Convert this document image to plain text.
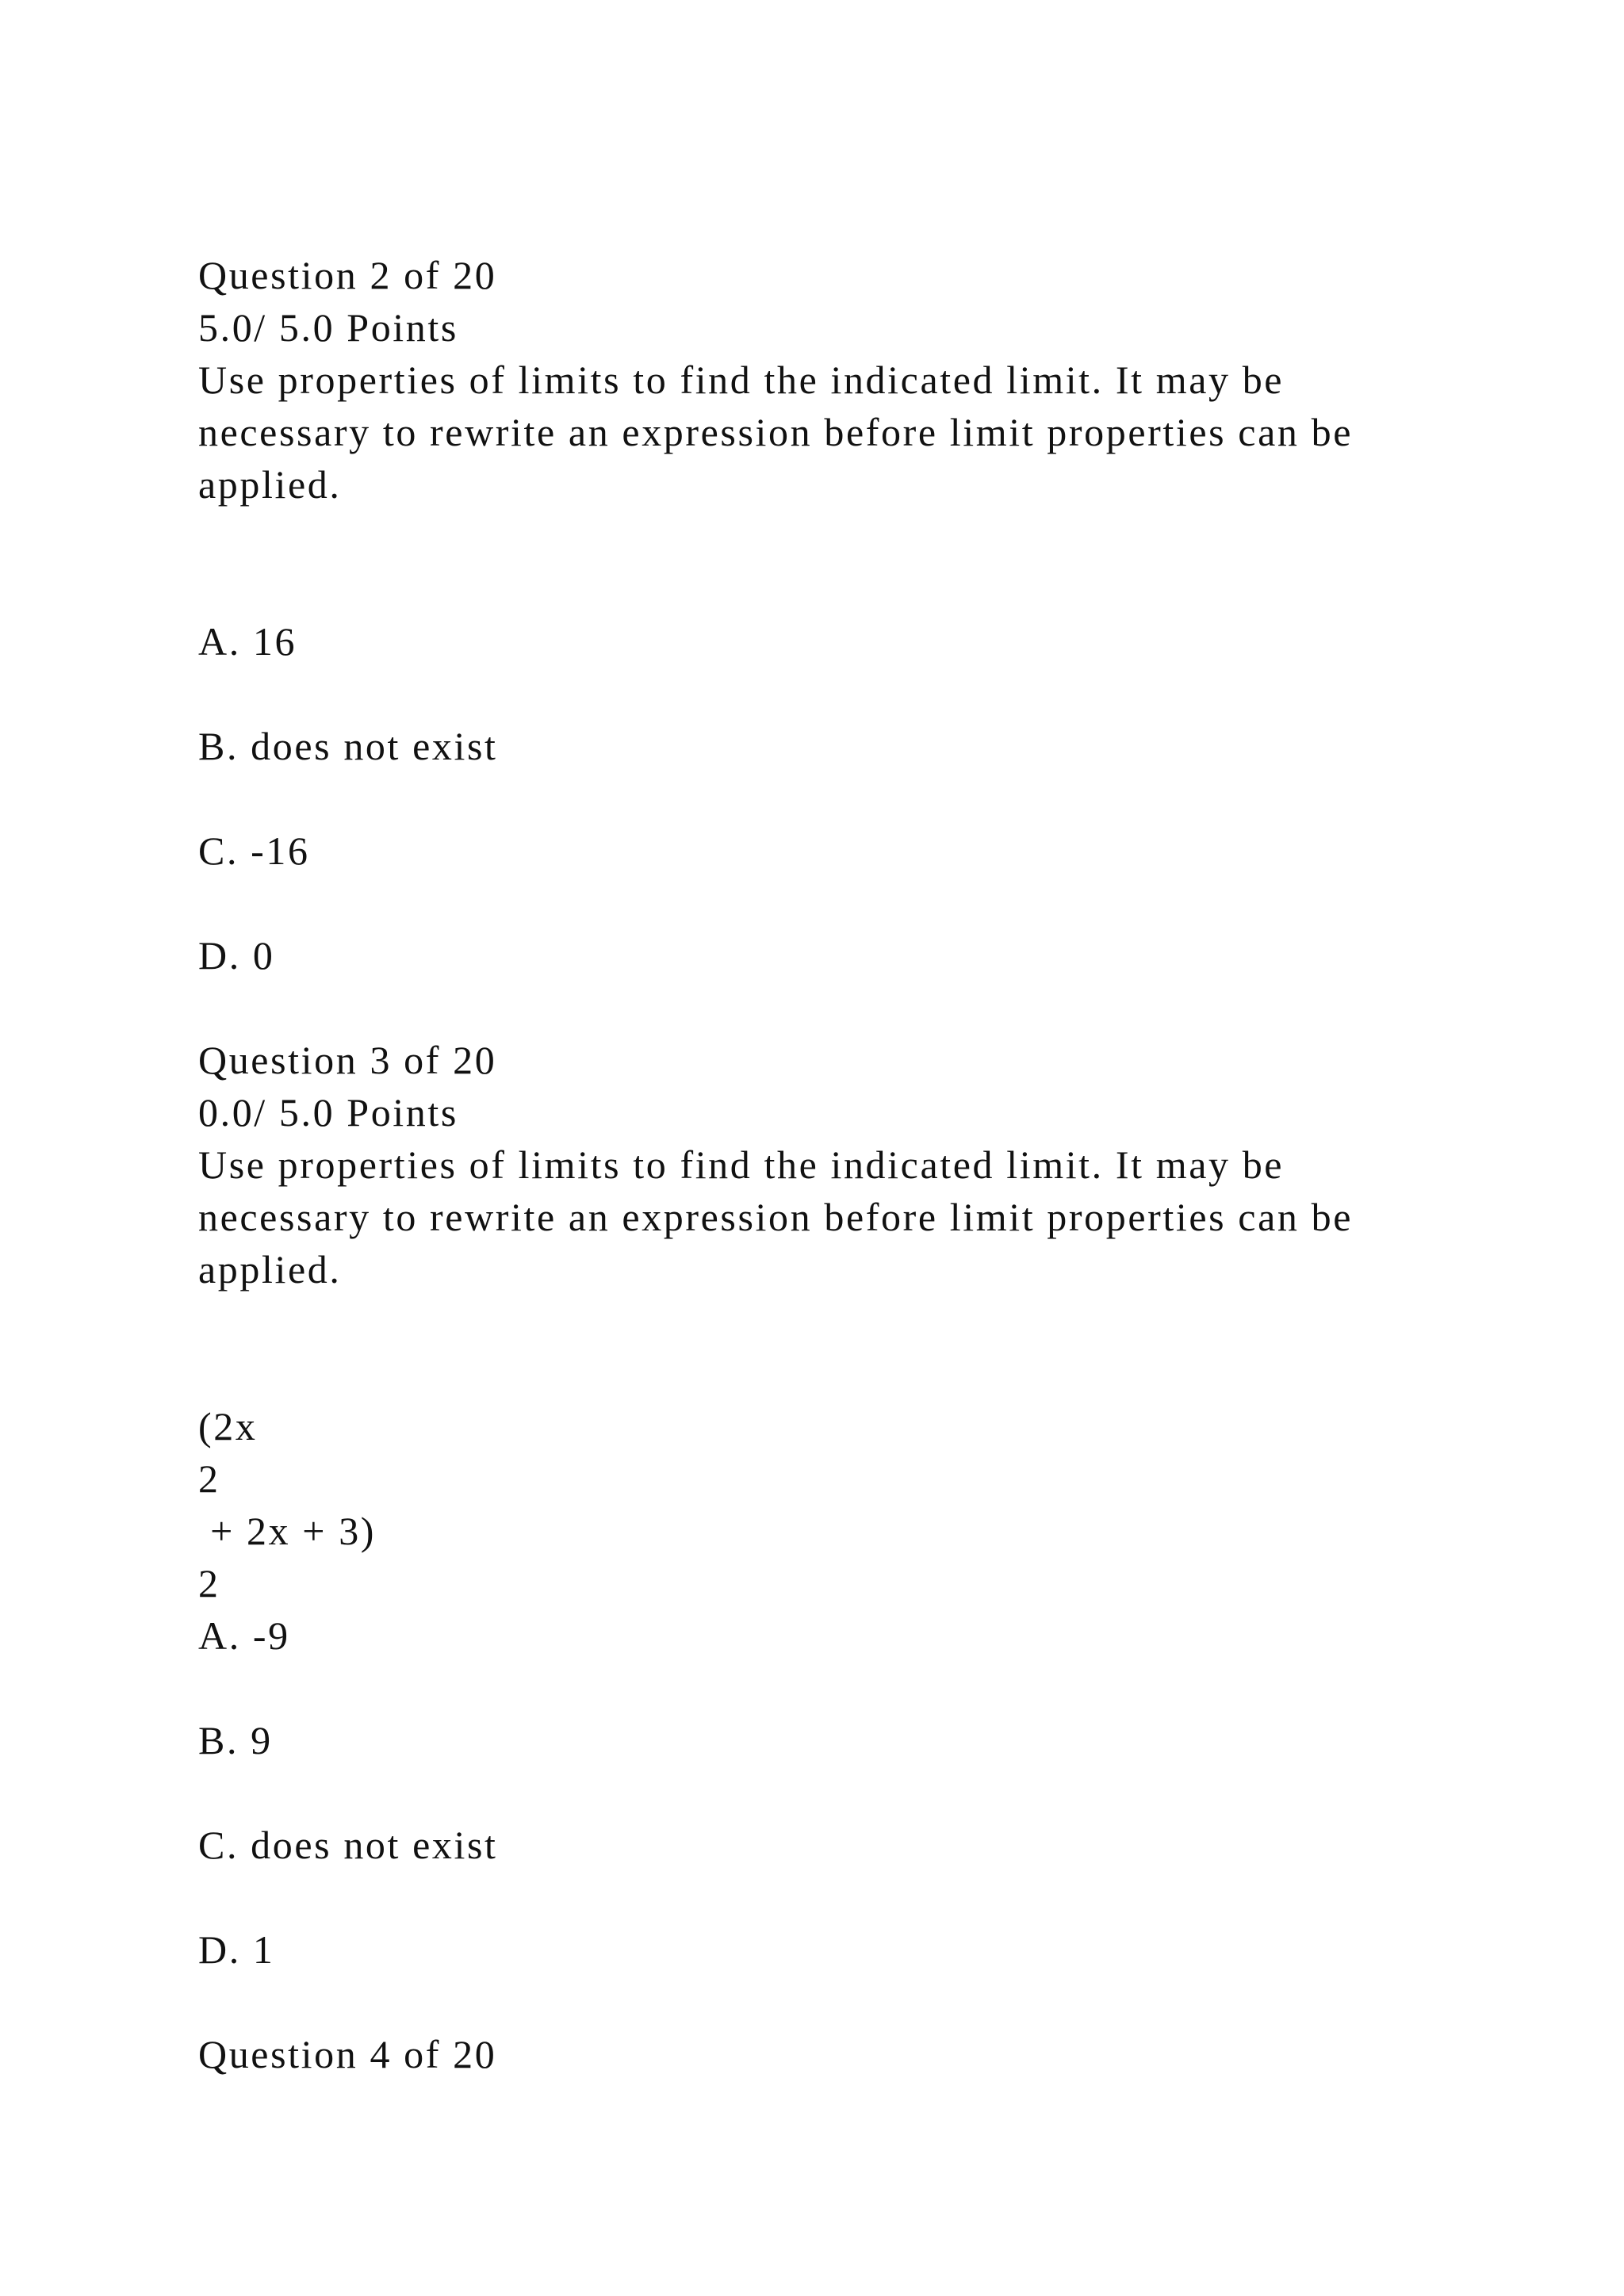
Question 2 of 20
5.0/ 5.0 Points
Use properties of limits to find the indicated limit. It may be
necessary to rewrite an expression before limit properties can be
applied.
A. 16
B. does not exist
C. -16
D. 0
Question 3 of 20
0.0/ 5.0 Points
Use properties of limits to find the indicated limit. It may be
necessary to rewrite an expression before limit properties can be
applied.
(2x
2
+ 2x + 3)
2
A. -9
B. 9
C. does not exist
D. 1
Question 4 of 20
